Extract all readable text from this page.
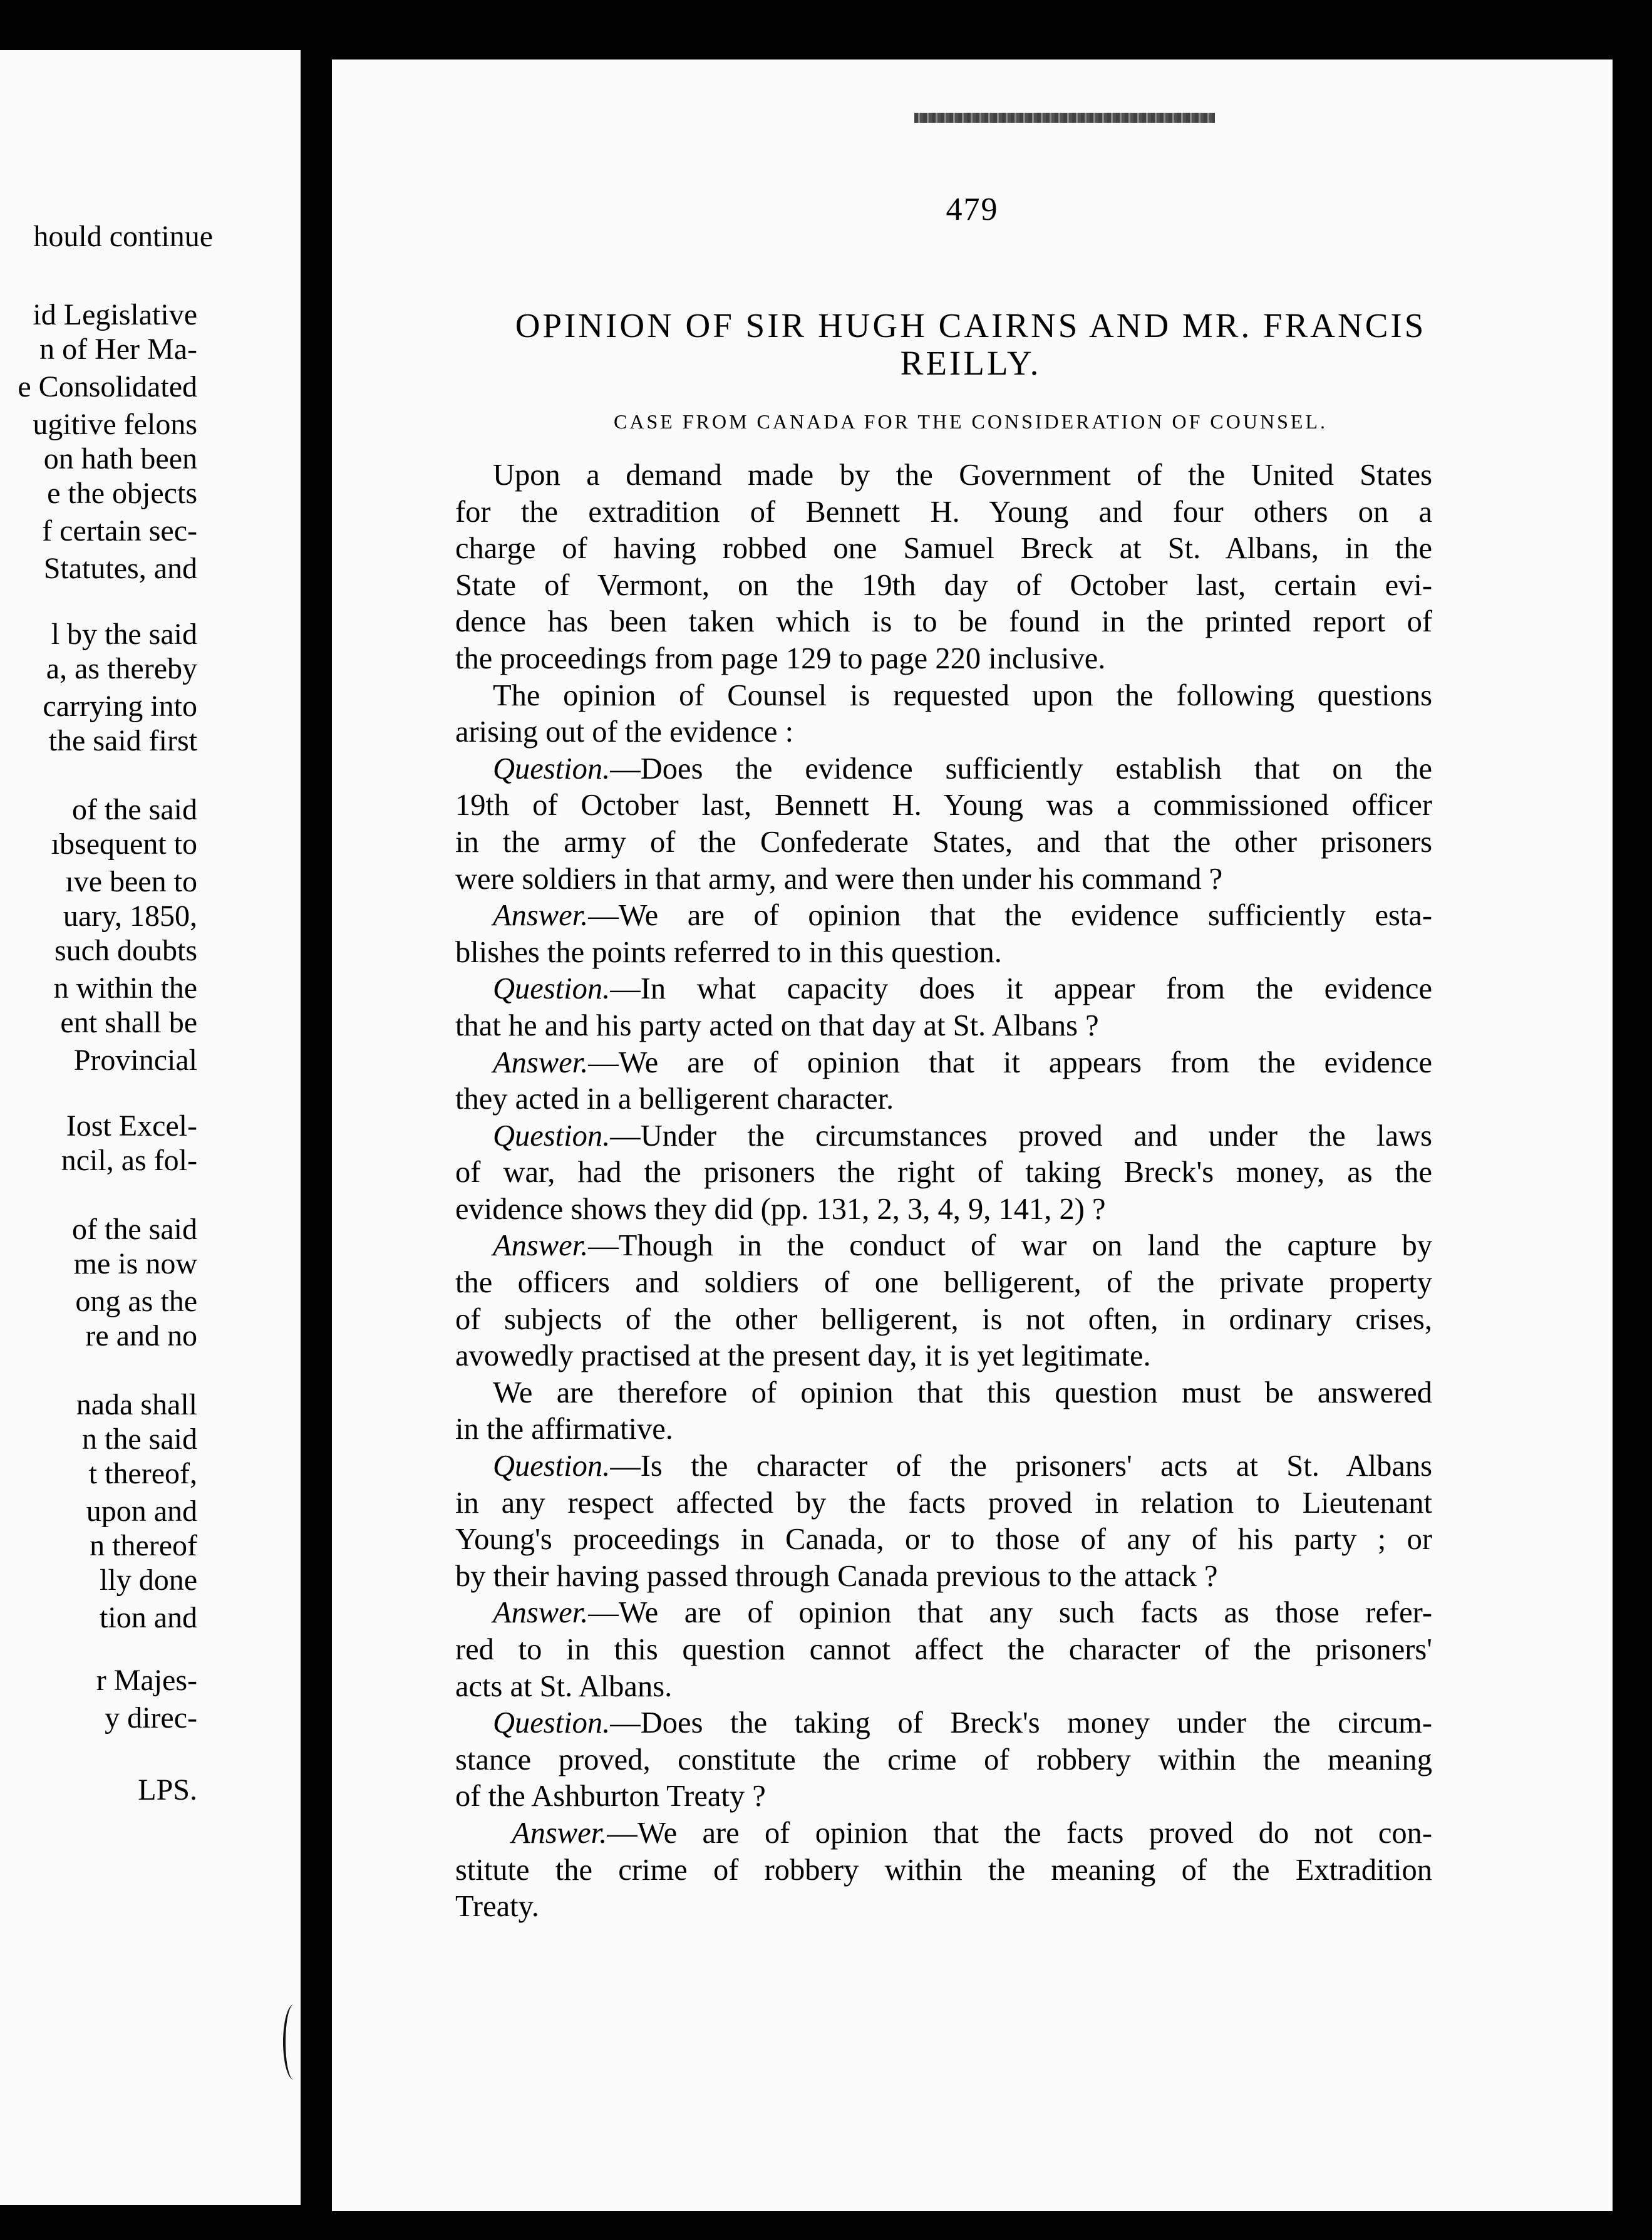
hould continue
id Legislative
n of Her Ma-
e Consolidated
ugitive felons
on hath been
e the objects
f certain sec-
Statutes, and
l by the said
a, as thereby
carrying into
the said first
of the said
ıbsequent to
ıve been to
uary, 1850,
such doubts
n within the
ent shall be
Provincial
Iost Excel-
ncil, as fol-
of the said
me is now
ong as the
re and no
nada shall
n the said
t thereof,
upon and
n thereof
lly done
tion and
r Majes-
y direc-
LPS.
479
OPINION OF SIR HUGH CAIRNS AND MR. FRANCIS
REILLY.
CASE FROM CANADA FOR THE CONSIDERATION OF COUNSEL.
Upon a demand made by the Government of the United States
for the extradition of Bennett H. Young and four others on a
charge of having robbed one Samuel Breck at St. Albans, in the
State of Vermont, on the 19th day of October last, certain evi-
dence has been taken which is to be found in the printed report of
the proceedings from page 129 to page 220 inclusive.
The opinion of Counsel is requested upon the following questions
arising out of the evidence :
Question.—Does the evidence sufficiently establish that on the
19th of October last, Bennett H. Young was a commissioned officer
in the army of the Confederate States, and that the other prisoners
were soldiers in that army, and were then under his command ?
Answer.—We are of opinion that the evidence sufficiently esta-
blishes the points referred to in this question.
Question.—In what capacity does it appear from the evidence
that he and his party acted on that day at St. Albans ?
Answer.—We are of opinion that it appears from the evidence
they acted in a belligerent character.
Question.—Under the circumstances proved and under the laws
of war, had the prisoners the right of taking Breck's money, as the
evidence shows they did (pp. 131, 2, 3, 4, 9, 141, 2) ?
Answer.—Though in the conduct of war on land the capture by
the officers and soldiers of one belligerent, of the private property
of subjects of the other belligerent, is not often, in ordinary crises,
avowedly practised at the present day, it is yet legitimate.
We are therefore of opinion that this question must be answered
in the affirmative.
Question.—Is the character of the prisoners' acts at St. Albans
in any respect affected by the facts proved in relation to Lieutenant
Young's proceedings in Canada, or to those of any of his party ; or
by their having passed through Canada previous to the attack ?
Answer.—We are of opinion that any such facts as those refer-
red to in this question cannot affect the character of the prisoners'
acts at St. Albans.
Question.—Does the taking of Breck's money under the circum-
stance proved, constitute the crime of robbery within the meaning
of the Ashburton Treaty ?
Answer.—We are of opinion that the facts proved do not con-
stitute the crime of robbery within the meaning of the Extradition
Treaty.
